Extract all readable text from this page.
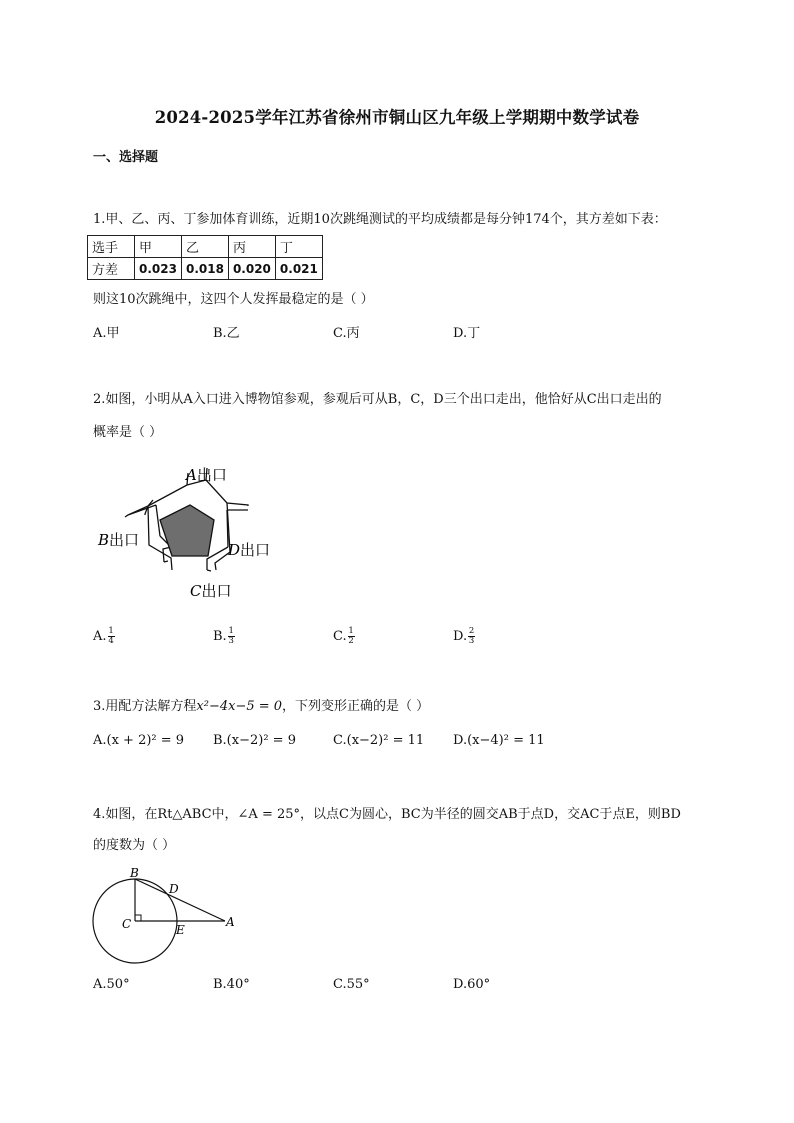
2024-2025学年江苏省徐州市铜山区九年级上学期期中数学试卷
一、选择题
1.甲、乙、丙、丁参加体育训练，近期10次跳绳测试的平均成绩都是每分钟174个，其方差如下表：
选手	甲	乙	丙	丁
方差	0.023	0.018	0.020	0.021
则这10次跳绳中，这四个人发挥最稳定的是（ ）
A.甲	B.乙	C.丙	D.丁
2.如图，小明从A入口进入博物馆参观，参观后可从B，C，D三个出口走出，他恰好从C出口走出的
概率是（ ）
A出口
B出口
D出口
C出口
A. $\frac{1}{4}$	B. $\frac{1}{3}$	C. $\frac{1}{2}$	D. $\frac{2}{3}$
3.用配方法解方程x²−4x−5 = 0，下列变形正确的是（ ）
A.(x + 2)² = 9 B.(x−2)² = 9	C.(x−2)² = 11 D.(x−4)² = 11
4.如图，在Rt△ABC中，∠A = 25°，以点C为圆心，BC为半径的圆交AB于点D，交AC于点E，则BD
的度数为（ ）
B
D
C	E
A
A.50°	B.40°	C.55°	D.60°
